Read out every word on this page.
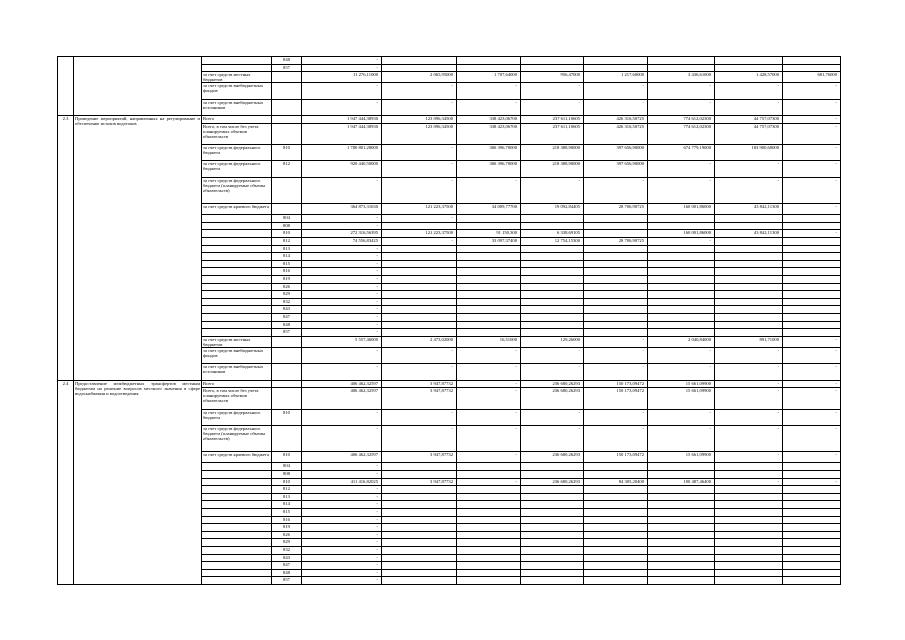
			848	-							
			857	-							
		за счет средств местных бюджетов		11 276,11000	2 065,95000	1 707,64000	956,47000	1 217,60000	3 436,61000	1 428,57000	681,76000
		за счет средств внебюджетных фондов		-	-	-	-	-	-	-	-
		за счет средств внебюджетных источников		-	-	-	-	-	-	-	-
2.3	Проведение мероприятий, направленных на регулирование и обеспечение истоков водотоков	Всего		1 947 444,38930	123 096,34500	338 423,06700	237 611,10605	426 316,50725	774 612,02300	44 757,07300	-
		Всего, в том числе без учета планируемых объемов обязательств		1 947 444,38930	123 096,34500	338 423,06700	237 611,10605	426 316,50725	774 612,02300	44 757,07300	-
		за счет средств федерального бюджета	810	1 780 801,28000	-	306 396,70000	218 388,90000	397 656,90000	674 779,19000	183 900,60000	-
		за счет средств федерального бюджета	812	920 440,50000	-	306 396,70000	218 388,90000	397 656,90000	-	-	-
		за счет средств федерального бюджета (планируемые объемы обязательств)		-	-	-	-	-	-	-	-
		за счет средств краевого бюджета		364 873,31630	121 223,37500	34 009,77700	19 092,84405	28 706,90725	160 001,86000	43 842,11300	-
			804	-	-						
			808	-							
			810	272 316,56395	121 223,37500	91 150,300	6 338,69105		160 001,86000	43 842,11300	-
			812	74 556,83425	-	33 097,37400	12 754,15300	28 706,90725	-		
			813	-							
			814	-							
			815	-							
			816	-							
			819	-							
			826	-							
			829	-							
			832	-							
			843	-							
			847	-							
			848	-							
			857	-							
		за счет средств местных бюджетов		5 557,46000	2 473,02000	16,51000	129,26000	-	2 040,84000	891,71000	-
		за счет средств внебюджетных фондов		-	-	-	-	-	-	-	-
		за счет средств внебюджетных источников		-	-	-	-	-	-	-	-
2.4	Предоставление межбюджетных трансфертов местным бюджетам на решение вопросов местного значения в сфере водоснабжения и водоотведения	Всего		406 462,32597	3 947,87732	-	236 680,26293	150 173,09472	15 661,09900	-	-
		Всего, в том числе без учета планируемых объемов обязательств		406 462,32597	3 947,87732	-	236 680,26293	150 173,09472	15 661,09900	-	-
		за счет средств федерального бюджета	810	-	-	-	-	-	-	-	-
		за счет средств федерального бюджета (планируемые объемы обязательств)		-	-	-	-	-	-	-	-
		за счет средств краевого бюджета	810	406 462,32597	3 947,87732	-	236 680,26293	150 173,09472	15 661,09900	-	-
			804	-							
			808	-							
			810	411 416,82025	3 947,87732	-	236 680,26293	84 305,20400	100 487,46400	-	-
			812	-							
			813	-							
			814	-							
			815	-							
			816	-							
			819	-							
			826	-							
			829	-							
			832	-							
			843	-							
			847	-							
			848	-							
			857	-							
